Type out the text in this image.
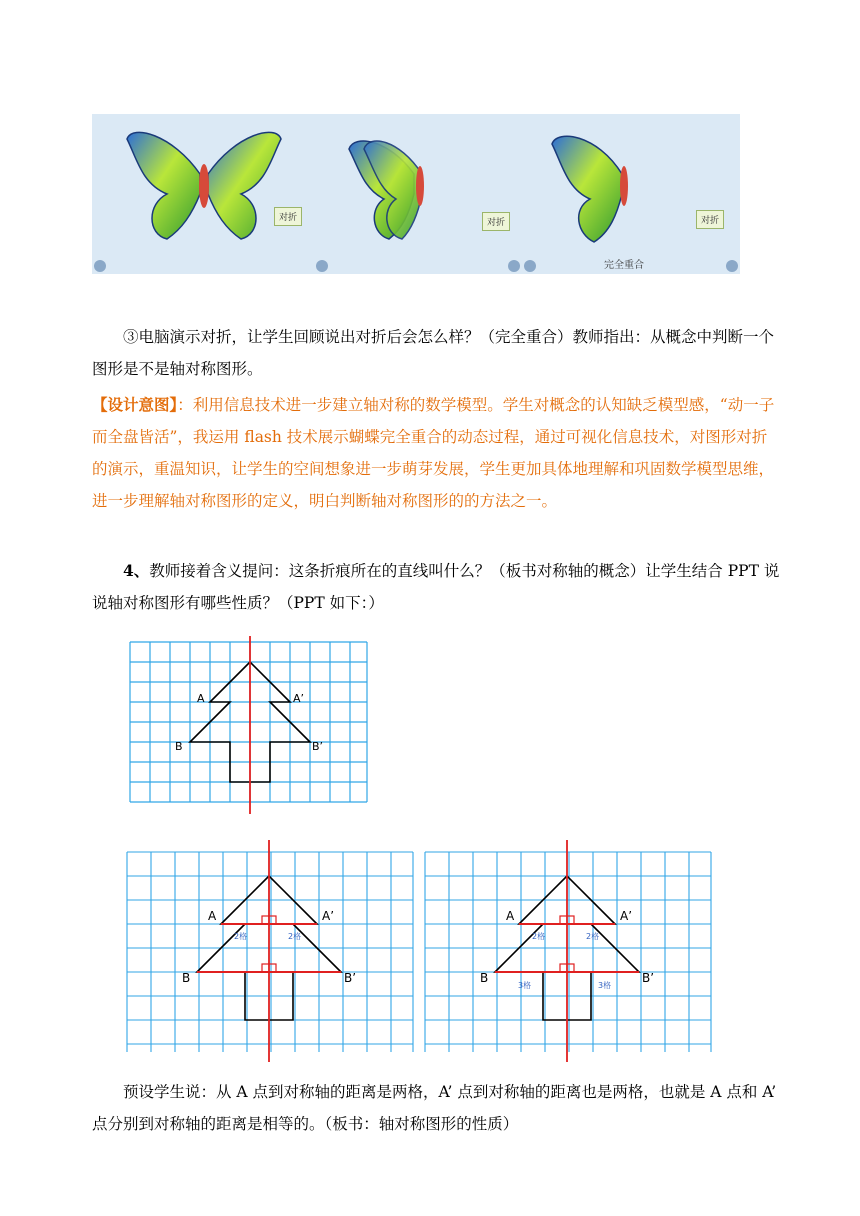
对折	对折	对折
完全重合
③电脑演示对折，让学生回顾说出对折后会怎么样？（完全重合）教师指出：从概念中判断一个图形是不是轴对称图形。
【设计意图】：利用信息技术进一步建立轴对称的数学模型。学生对概念的认知缺乏模型感，“动一子而全盘皆活”，我运用 flash 技术展示蝴蝶完全重合的动态过程，通过可视化信息技术，对图形对折的演示，重温知识，让学生的空间想象进一步萌芽发展，学生更加具体地理解和巩固数学模型思维，进一步理解轴对称图形的定义，明白判断轴对称图形的的方法之一。
4、教师接着含义提问：这条折痕所在的直线叫什么？（板书对称轴的概念）让学生结合 PPT 说说轴对称图形有哪些性质？（PPT 如下：）
A	A’
B	B’
2格	2格
A	A’
B	B’
2格	2格
3格	3格
A	A’
B	B’
预设学生说：从 A 点到对称轴的距离是两格，A’ 点到对称轴的距离也是两格，也就是 A 点和 A’ 点分别到对称轴的距离是相等的。（板书：轴对称图形的性质）
